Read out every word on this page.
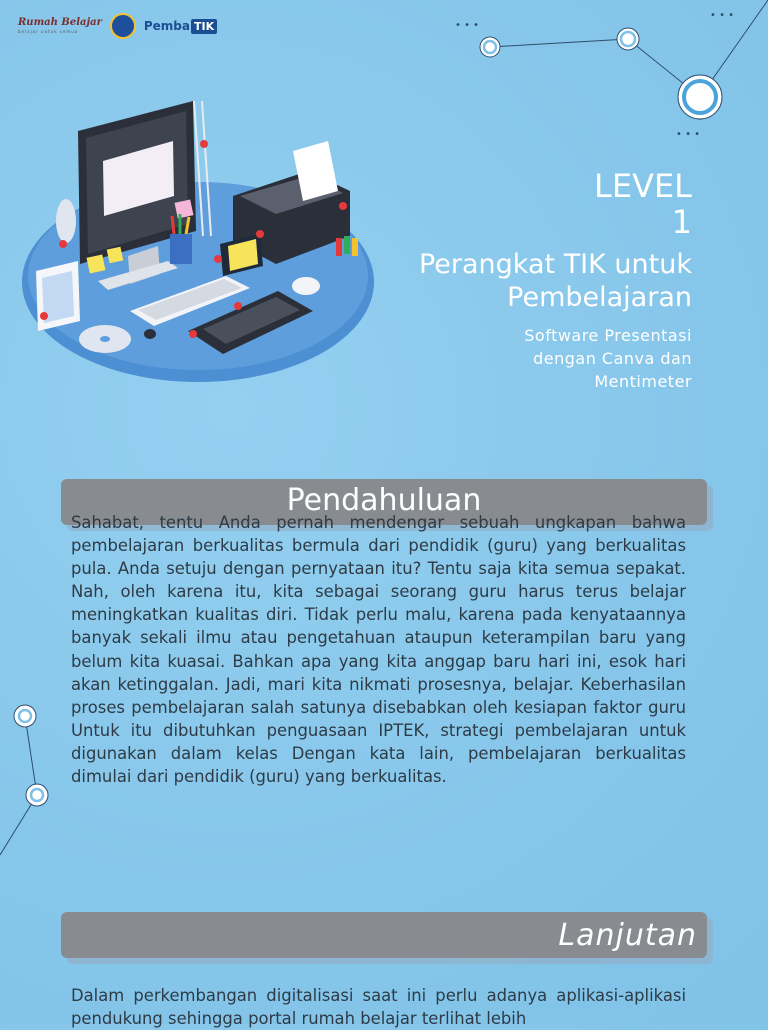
• • •
• • •
• • •
Rumah Belajar
belajar untuk semua	Pemba TIK
LEVEL 1
Perangkat TIK untuk Pembelajaran
Software Presentasi dengan Canva dan Mentimeter
Pendahuluan
Sahabat, tentu Anda pernah mendengar sebuah ungkapan bahwa pembelajaran berkualitas bermula dari pendidik (guru) yang berkualitas pula. Anda setuju dengan pernyataan itu? Tentu saja kita semua sepakat. Nah, oleh karena itu, kita sebagai seorang guru harus terus belajar meningkatkan kualitas diri. Tidak perlu malu, karena pada kenyataannya banyak sekali ilmu atau pengetahuan ataupun keterampilan baru yang belum kita kuasai. Bahkan apa yang kita anggap baru hari ini, esok hari akan ketinggalan. Jadi, mari kita nikmati prosesnya, belajar. Keberhasilan proses pembelajaran salah satunya disebabkan oleh kesiapan faktor guru Untuk itu dibutuhkan penguasaan IPTEK, strategi pembelajaran untuk digunakan dalam kelas Dengan kata lain, pembelajaran berkualitas dimulai dari pendidik (guru) yang berkualitas.
Lanjutan
Dalam perkembangan digitalisasi saat ini perlu adanya aplikasi-aplikasi pendukung sehingga portal rumah belajar terlihat lebih
